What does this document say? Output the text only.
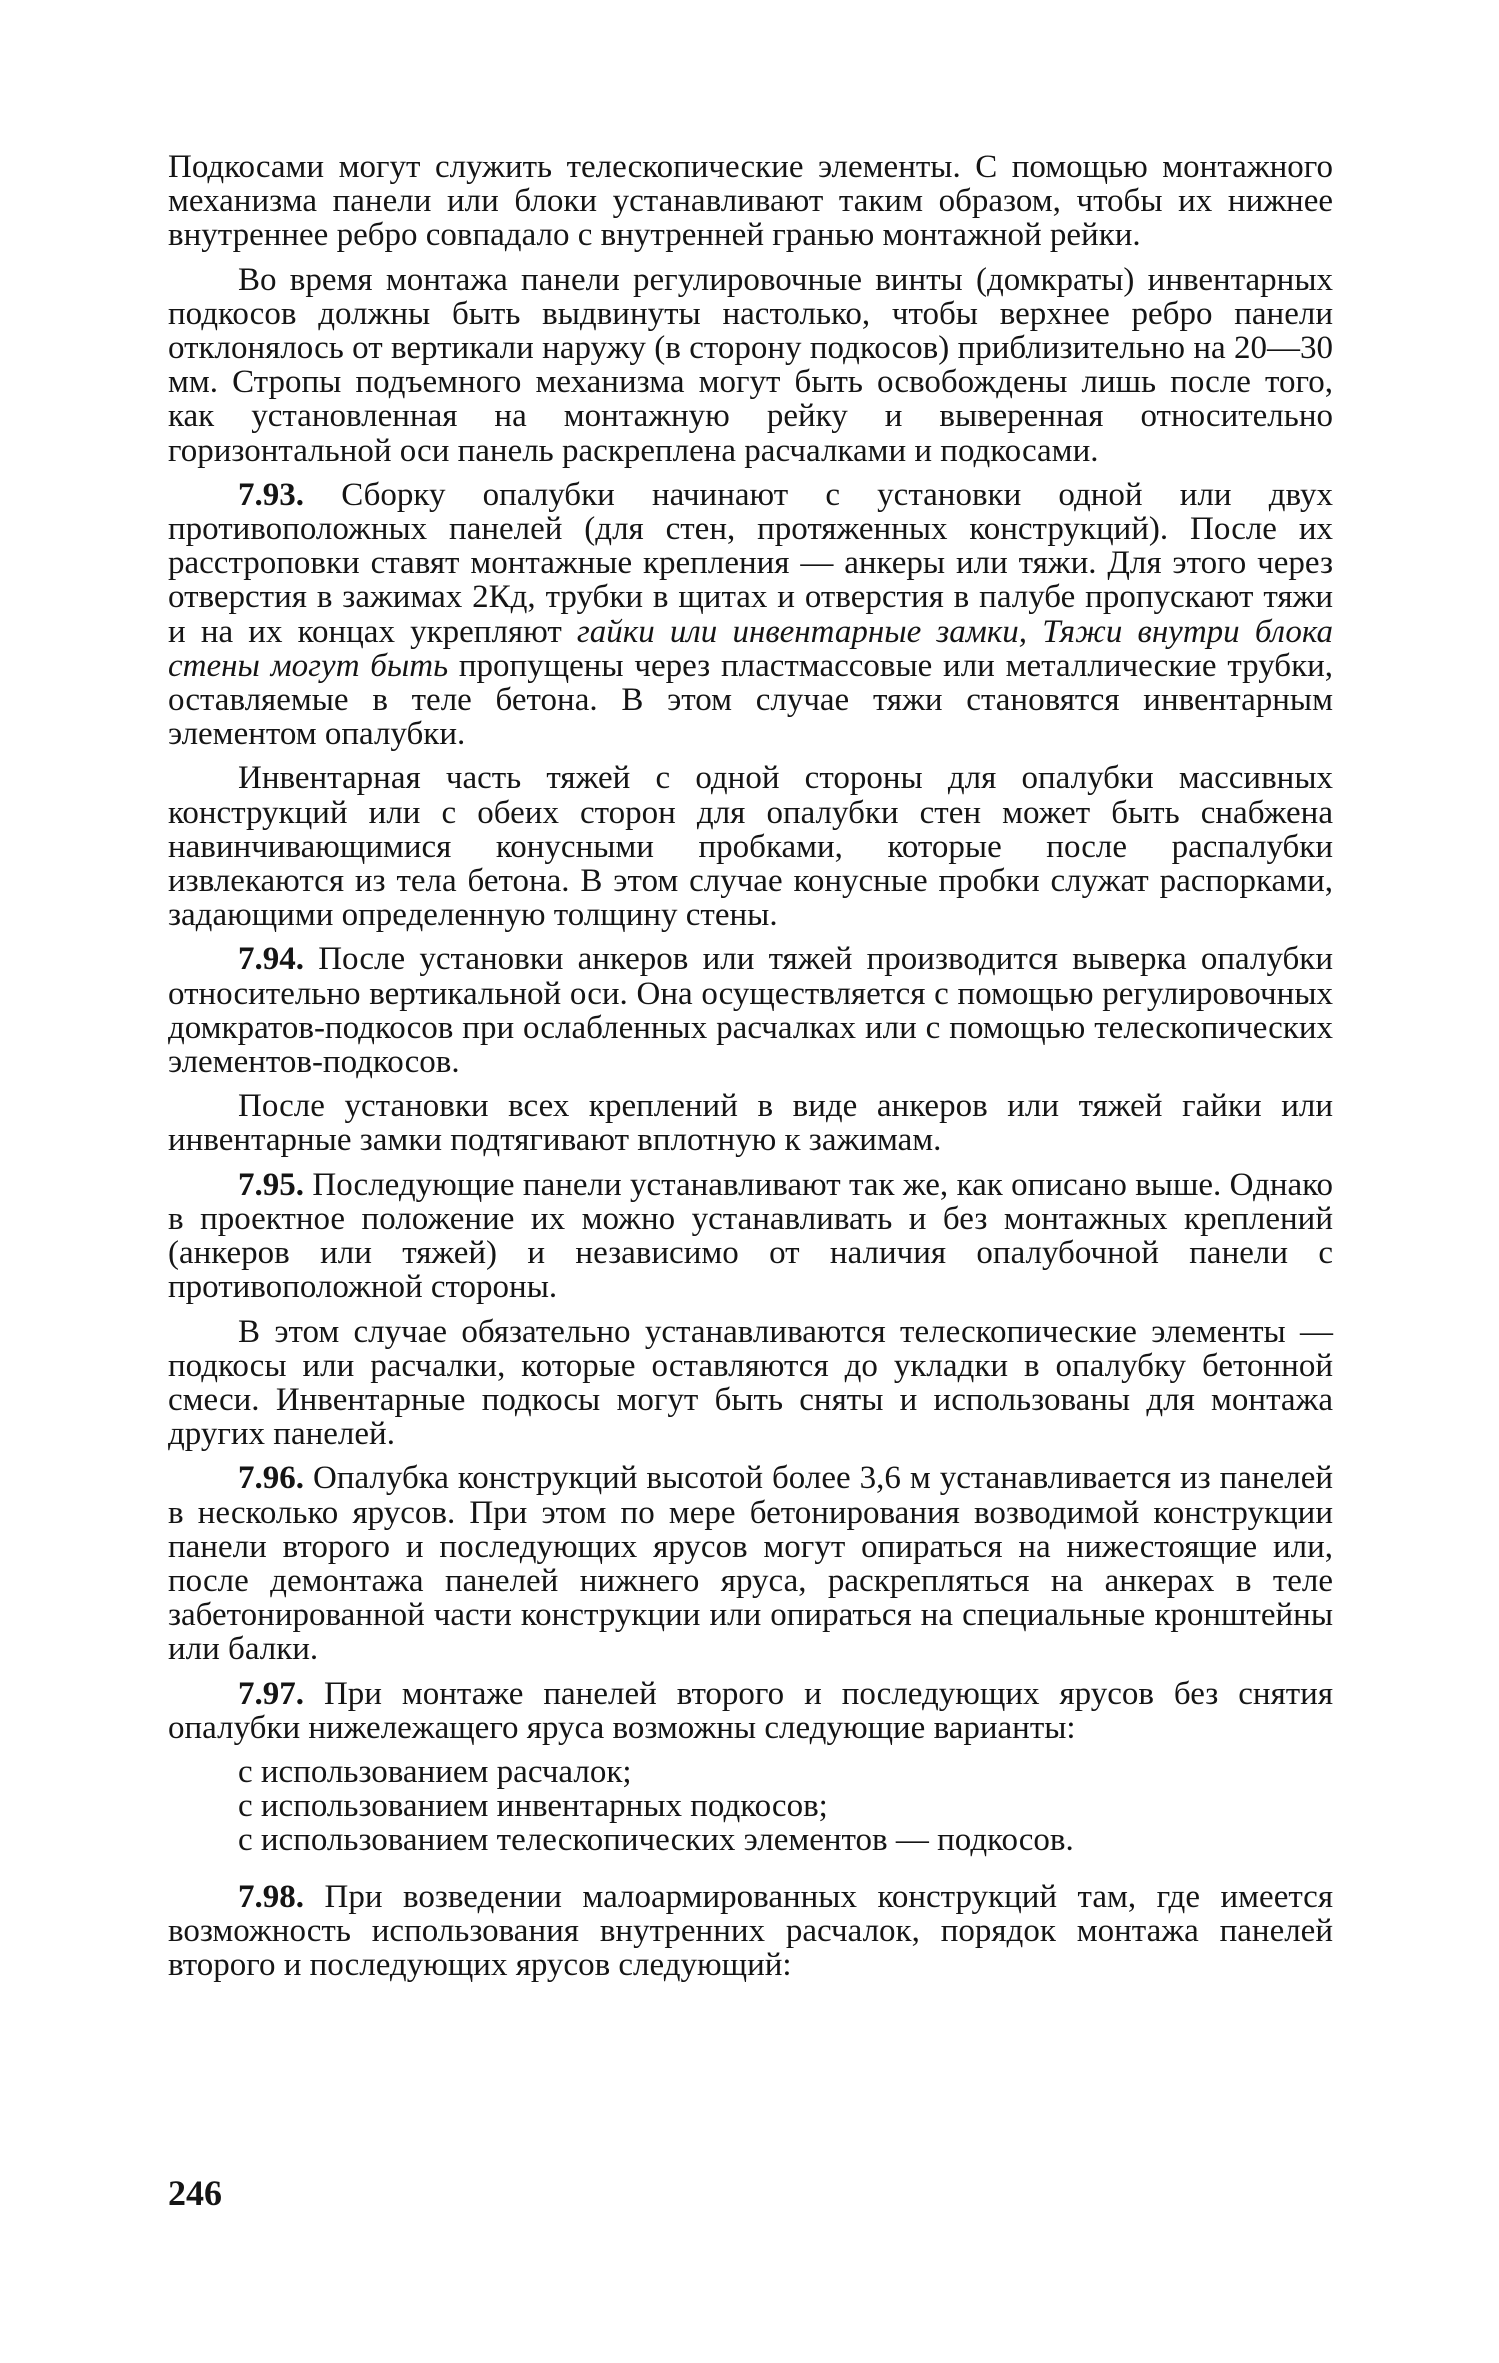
Подкосами могут служить телескопические элементы. С помощью монтажного механизма панели или блоки устанавливают таким образом, чтобы их нижнее внутреннее ребро совпадало с внутренней гранью монтажной рейки.

Во время монтажа панели регулировочные винты (домкраты) инвентарных подкосов должны быть выдвинуты настолько, чтобы верхнее ребро панели отклонялось от вертикали наружу (в сторону подкосов) приблизительно на 20—30 мм. Стропы подъемного механизма могут быть освобождены лишь после того, как установленная на монтажную рейку и выверенная относительно горизонтальной оси панель раскреплена расчалками и подкосами.

7.93. Сборку опалубки начинают с установки одной или двух противоположных панелей (для стен, протяженных конструкций). После их расстроповки ставят монтажные крепления — анкеры или тяжи. Для этого через отверстия в зажимах 2Кд, трубки в щитах и отверстия в палубе пропускают тяжи и на их концах укрепляют гайки или инвентарные замки, Тяжи внутри блока стены могут быть пропущены через пластмассовые или металлические трубки, оставляемые в теле бетона. В этом случае тяжи становятся инвентарным элементом опалубки.

Инвентарная часть тяжей с одной стороны для опалубки массивных конструкций или с обеих сторон для опалубки стен может быть снабжена навинчивающимися конусными пробками, которые после распалубки извлекаются из тела бетона. В этом случае конусные пробки служат распорками, задающими определенную толщину стены.

7.94. После установки анкеров или тяжей производится выверка опалубки относительно вертикальной оси. Она осуществляется с помощью регулировочных домкратов-подкосов при ослабленных расчалках или с помощью телескопических элементов-подкосов.

После установки всех креплений в виде анкеров или тяжей гайки или инвентарные замки подтягивают вплотную к зажимам.

7.95. Последующие панели устанавливают так же, как описано выше. Однако в проектное положение их можно устанавливать и без монтажных креплений (анкеров или тяжей) и независимо от наличия опалубочной панели с противоположной стороны.

В этом случае обязательно устанавливаются телескопические элементы — подкосы или расчалки, которые оставляются до укладки в опалубку бетонной смеси. Инвентарные подкосы могут быть сняты и использованы для монтажа других панелей.

7.96. Опалубка конструкций высотой более 3,6 м устанавливается из панелей в несколько ярусов. При этом по мере бетонирования возводимой конструкции панели второго и последующих ярусов могут опираться на нижестоящие или, после демонтажа панелей нижнего яруса, раскрепляться на анкерах в теле забетонированной части конструкции или опираться на специальные кронштейны или балки.

7.97. При монтаже панелей второго и последующих ярусов без снятия опалубки нижележащего яруса возможны следующие варианты:

с использованием расчалок;

с использованием инвентарных подкосов;

с использованием телескопических элементов — подкосов.

7.98. При возведении малоармированных конструкций там, где имеется возможность использования внутренних расчалок, порядок монтажа панелей второго и последующих ярусов следующий:

246
